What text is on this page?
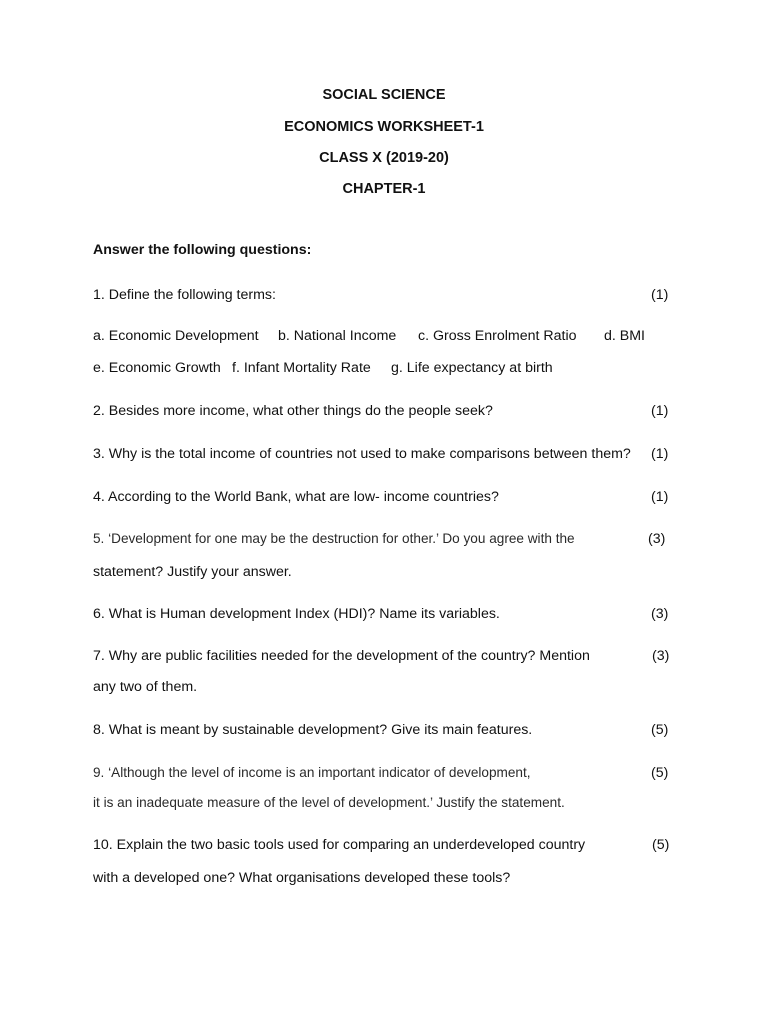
SOCIAL SCIENCE
ECONOMICS WORKSHEET-1
CLASS X (2019-20)
CHAPTER-1
Answer the following questions:
1. Define the following terms:	(1)
a. Economic Development b. National Income c. Gross Enrolment Ratio d. BMI
e. Economic Growth f. Infant Mortality Rate g. Life expectancy at birth
2. Besides more income, what other things do the people seek?	(1)
3. Why is the total income of countries not used to make comparisons between them? (1)
4. According to the World Bank, what are low- income countries?	(1)
5. ‘Development for one may be the destruction for other.’ Do you agree with the	(3)
statement? Justify your answer.
6. What is Human development Index (HDI)? Name its variables.	(3)
7. Why are public facilities needed for the development of the country? Mention	(3)
any two of them.
8. What is meant by sustainable development? Give its main features.	(5)
9. ‘Although the level of income is an important indicator of development,	(5)
it is an inadequate measure of the level of development.’ Justify the statement.
10. Explain the two basic tools used for comparing an underdeveloped country	(5)
with a developed one? What organisations developed these tools?
